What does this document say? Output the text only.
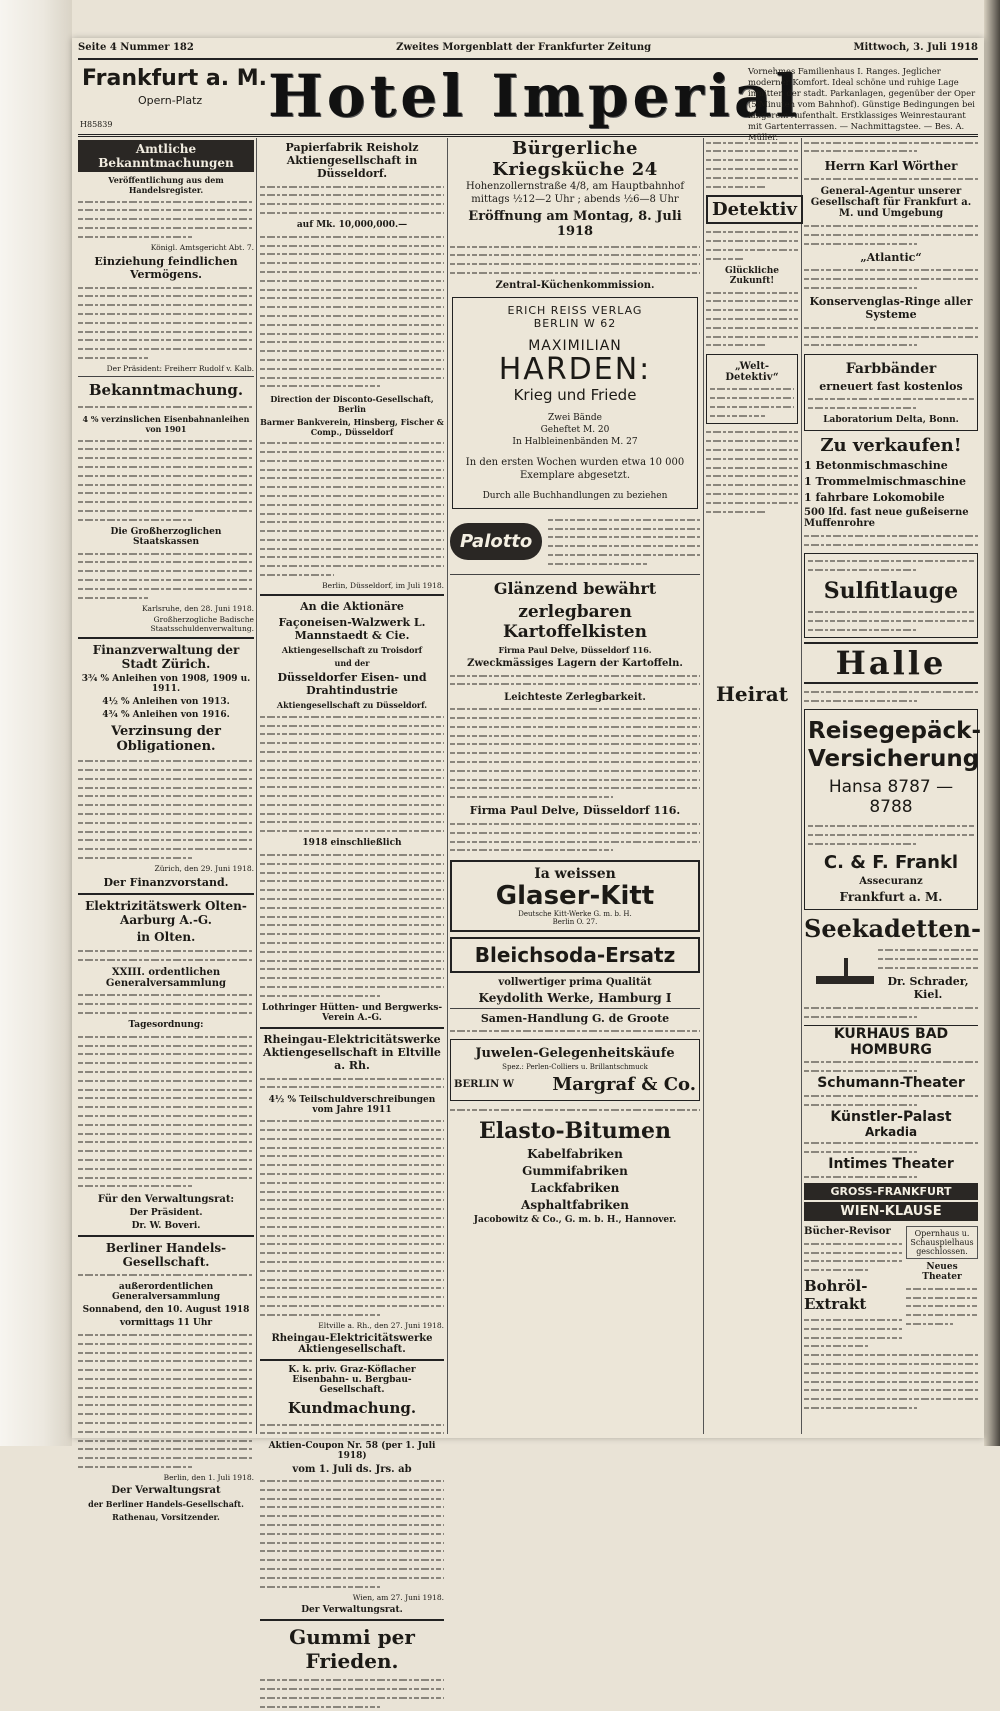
Seite 4 Nummer 182	Zweites Morgenblatt der Frankfurter Zeitung	Mittwoch, 3. Juli 1918
Frankfurt a. M.
Opern-Platz
H85839	Hotel Imperial
Vornehmes Familienhaus I. Ranges. Jeglicher moderner Komfort. Ideal schöne und ruhige Lage inmitten der stadt. Parkanlagen, gegenüber der Oper (5 Minuten vom Bahnhof). Günstige Bedingungen bei längerem Aufenthalt. Erstklassiges Weinrestaurant mit Gartenterrassen. — Nachmittagstee. — Bes. A. Müller.
Amtliche Bekanntmachungen
Veröffentlichung aus dem Handelsregister.
Königl. Amtsgericht Abt. 7.
Einziehung feindlichen Vermögens.
Der Präsident: Freiherr Rudolf v. Kalb.
Bekanntmachung.
4 % verzinslichen Eisenbahnanleihen von 1901
Die Großherzoglichen Staatskassen
Karlsruhe, den 28. Juni 1918.
Großherzogliche Badische Staatsschuldenverwaltung.
Finanzverwaltung der Stadt Zürich.
3¾ % Anleihen von 1908, 1909 u. 1911.
4½ % Anleihen von 1913.
4¾ % Anleihen von 1916.
Verzinsung der Obligationen.
Zürich, den 29. Juni 1918.
Der Finanzvorstand.
Elektrizitätswerk Olten-Aarburg A.-G.
in Olten.
XXIII. ordentlichen Generalversammlung
Tagesordnung:
Für den Verwaltungsrat:
Der Präsident.
Dr. W. Boveri.
Berliner Handels-Gesellschaft.
außerordentlichen Generalversammlung
Sonnabend, den 10. August 1918
vormittags 11 Uhr
Berlin, den 1. Juli 1918.
Der Verwaltungsrat
der Berliner Handels-Gesellschaft.
Rathenau, Vorsitzender.
Papierfabrik Reisholz Aktiengesellschaft in Düsseldorf.
auf Mk. 10,000,000.—
Direction der Disconto-Gesellschaft, Berlin
Barmer Bankverein, Hinsberg, Fischer & Comp., Düsseldorf
Berlin, Düsseldorf, im Juli 1918.
An die Aktionäre
Façoneisen-Walzwerk L. Mannstaedt & Cie.
Aktiengesellschaft zu Troisdorf
und der
Düsseldorfer Eisen- und Drahtindustrie
Aktiengesellschaft zu Düsseldorf.
1918 einschließlich
Lothringer Hütten- und Bergwerks-Verein A.-G.
Rheingau-Elektricitätswerke Aktiengesellschaft in Eltville a. Rh.
4½ % Teilschuldverschreibungen vom Jahre 1911
Eltville a. Rh., den 27. Juni 1918.
Rheingau-Elektricitätswerke Aktiengesellschaft.
K. k. priv. Graz-Köflacher Eisenbahn- u. Bergbau-Gesellschaft.
Kundmachung.
Aktien-Coupon Nr. 58 (per 1. Juli 1918)
vom 1. Juli ds. Jrs. ab
Wien, am 27. Juni 1918.
Der Verwaltungsrat.
Gummi per Frieden.
Bürgerliche Kriegsküche 24
Hohenzollernstraße 4/8, am Hauptbahnhof
mittags ½12—2 Uhr ; abends ½6—8 Uhr
Eröffnung am Montag, 8. Juli 1918
Zentral-Küchenkommission.
ERICH REISS VERLAG
BERLIN W 62
MAXIMILIAN
HARDEN:
Krieg und Friede
Zwei Bände
Geheftet M. 20
In Halbleinenbänden M. 27
In den ersten Wochen wurden etwa 10 000 Exemplare abgesetzt.
Durch alle Buchhandlungen zu beziehen
Palotto
Glänzend bewährt
zerlegbaren Kartoffelkisten
Firma Paul Delve, Düsseldorf 116.
Zweckmässiges Lagern der Kartoffeln.
Leichteste Zerlegbarkeit.
Firma Paul Delve, Düsseldorf 116.
Ia weissen
Glaser-Kitt
Deutsche Kitt-Werke G. m. b. H.
Berlin O. 27.
Bleichsoda-Ersatz
vollwertiger prima Qualität
Keydolith Werke, Hamburg I
Samen-Handlung G. de Groote
Juwelen-Gelegenheitskäufe
Spez.: Perlen-Colliers u. Brillantschmuck
BERLIN W Margraf & Co.
Elasto-Bitumen
Kabelfabriken
Gummifabriken
Lackfabriken
Asphaltfabriken
Jacobowitz & Co., G. m. b. H., Hannover.
Detektiv
Glückliche Zukunft!
„Welt-Detektiv“
Herrn Karl Wörther
General-Agentur unserer Gesellschaft für Frankfurt a. M. und Umgebung
„Atlantic“
Konservenglas-Ringe aller Systeme
Farbbänder
erneuert fast kostenlos
Laboratorium Delta, Bonn.
Zu verkaufen!
1 Betonmischmaschine
1 Trommelmischmaschine
1 fahrbare Lokomobile
500 lfd. fast neue gußeiserne Muffenrohre
Sulfitlauge
Halle
Reisegepäck-Versicherung
Hansa 8787 — 8788
C. & F. Frankl
Assecuranz
Frankfurt a. M.
Seekadetten-
Dr. Schrader, Kiel.
KURHAUS BAD HOMBURG
Schumann-Theater
Künstler-Palast
Arkadia
Intimes Theater
GROSS-FRANKFURT
WIEN-KLAUSE
Bücher-Revisor
Bohröl-Extrakt
Opernhaus u. Schauspielhaus geschlossen.
Neues Theater
Heirat
